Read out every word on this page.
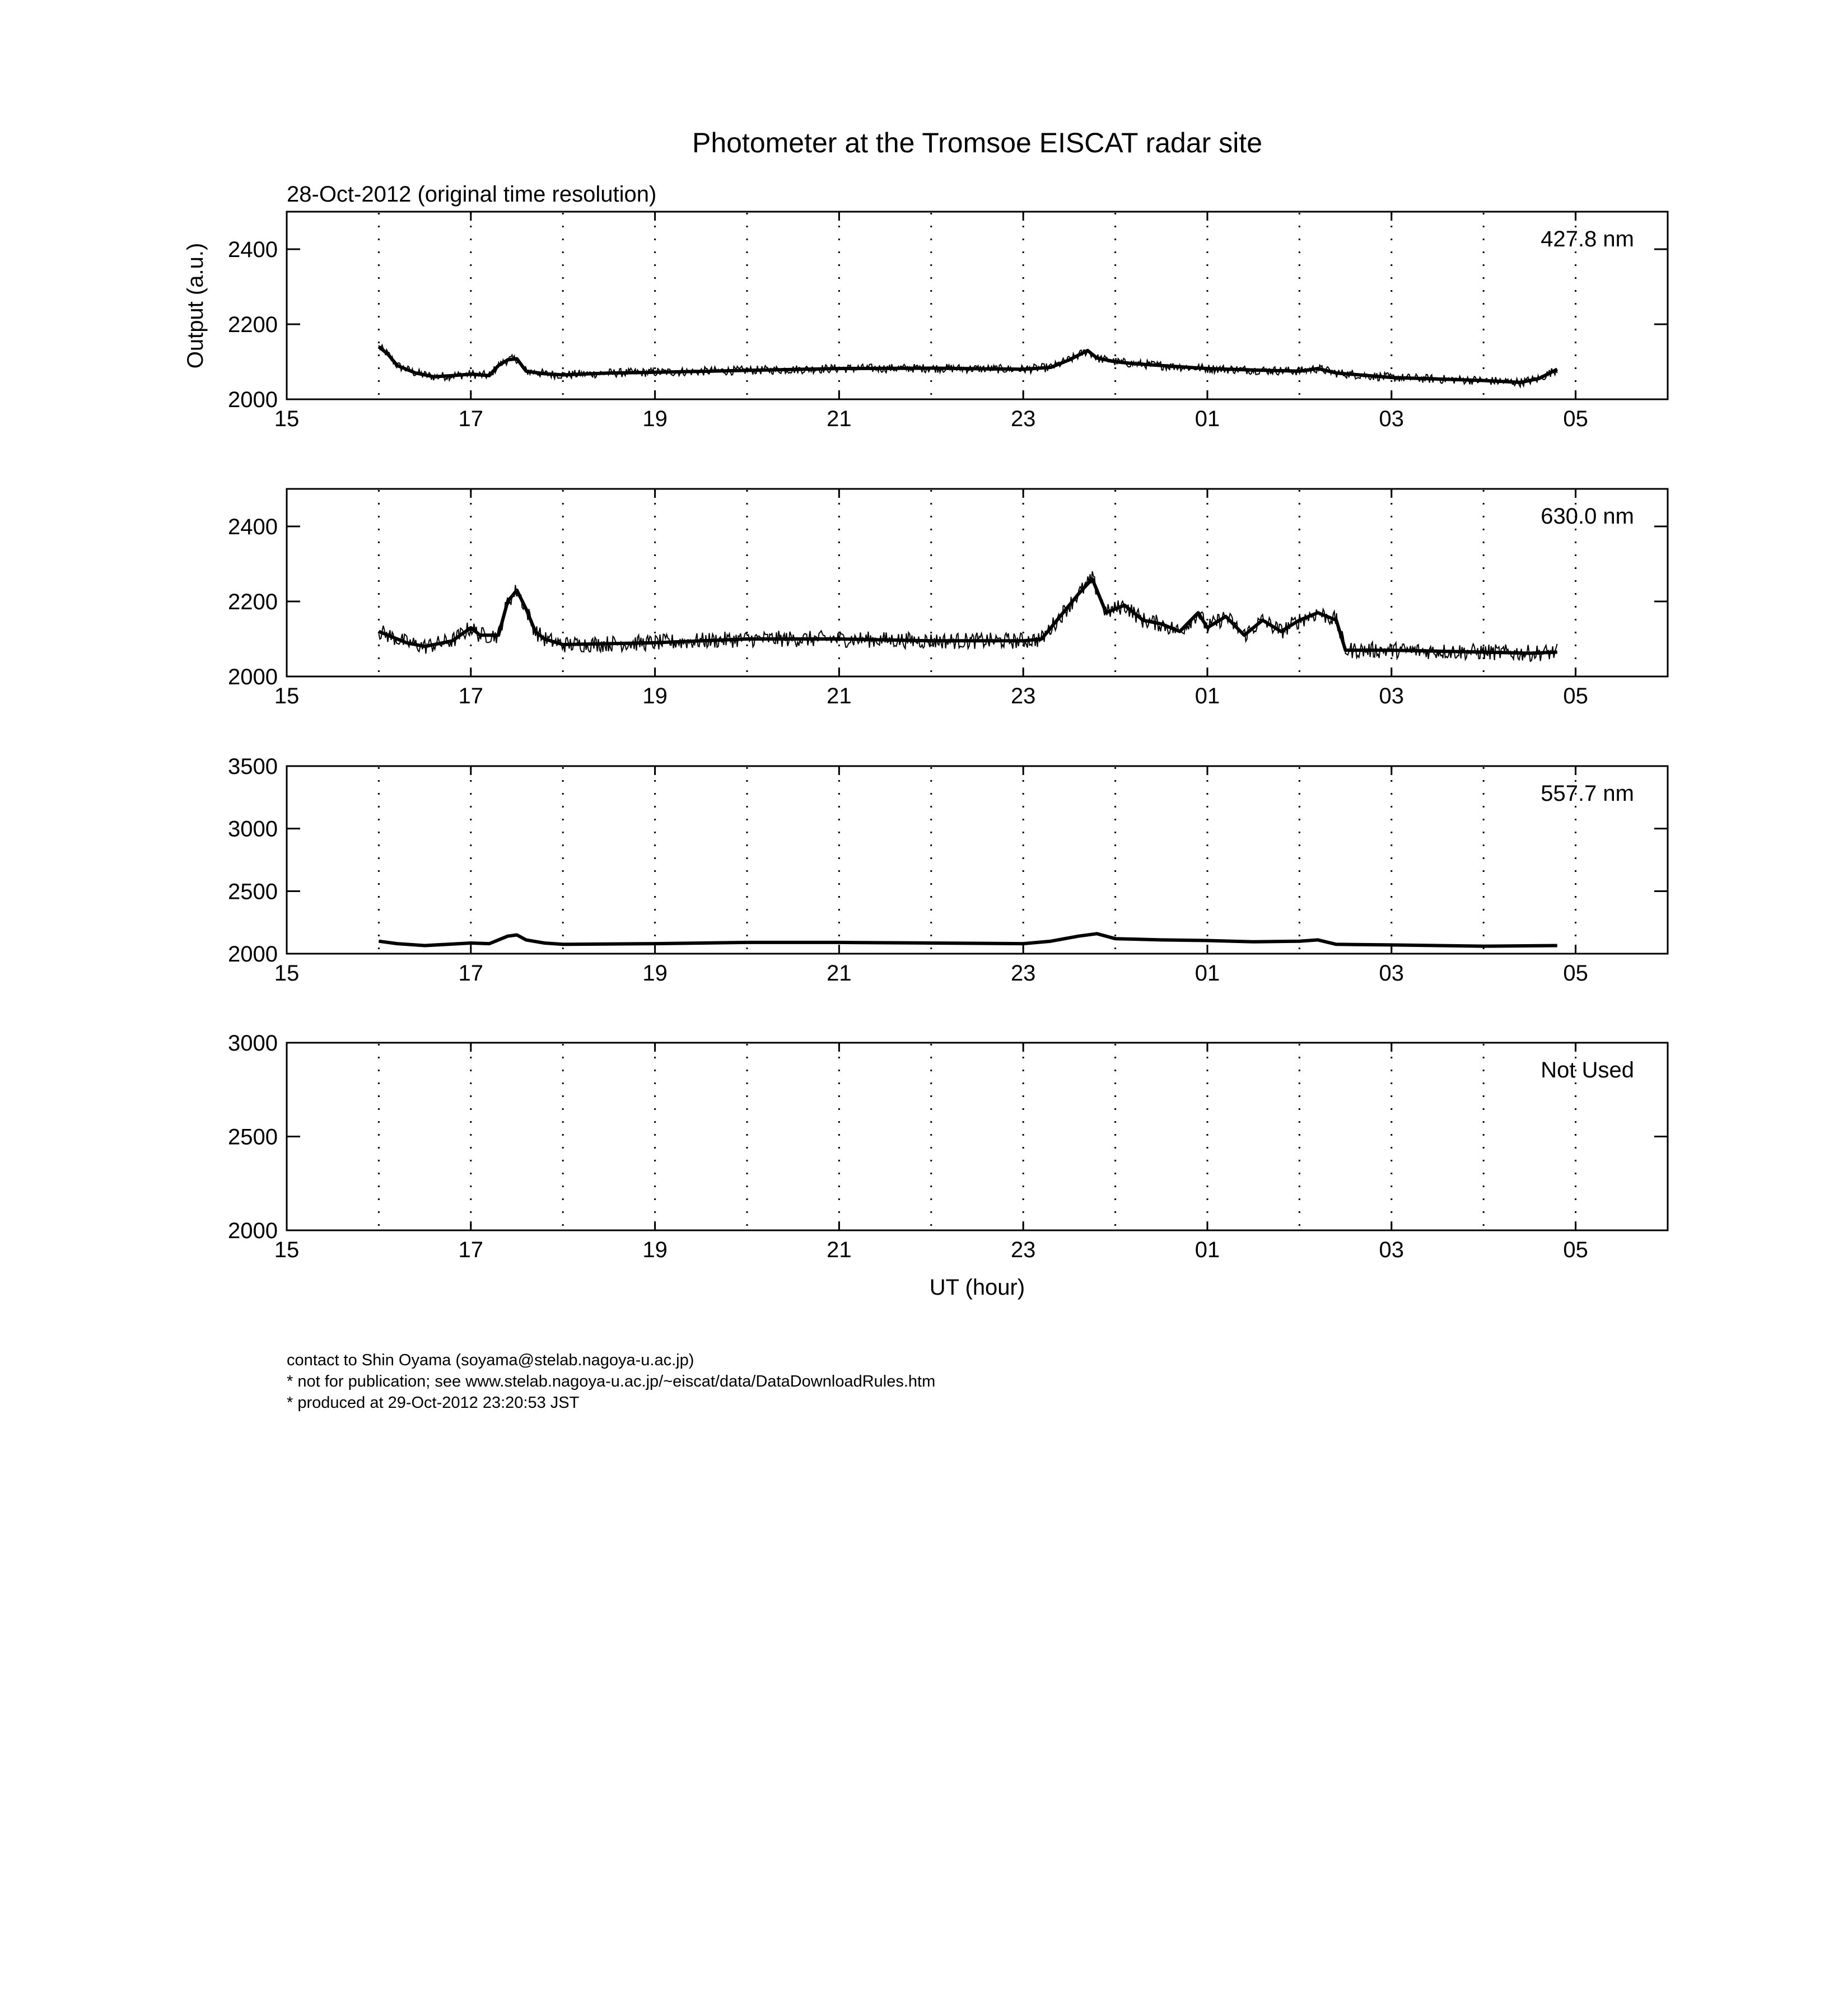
Photometer at the Tromsoe EISCAT radar site
28-Oct-2012 (original time resolution)
Output (a.u.)
UT (hour)
15	17	19	21	23	01	03	05
2000
2200
2400	427.8 nm
15	17	19	21	23	01	03	05
2000
2200
2400	630.0 nm
15	17	19	21	23	01	03	05
2000
2500
3000
3500
557.7 nm
15	17	19	21	23	01	03	05
2000
2500
3000
Not Used
contact to Shin Oyama (soyama@stelab.nagoya-u.ac.jp)
* not for publication; see www.stelab.nagoya-u.ac.jp/~eiscat/data/DataDownloadRules.htm
* produced at 29-Oct-2012 23:20:53 JST
